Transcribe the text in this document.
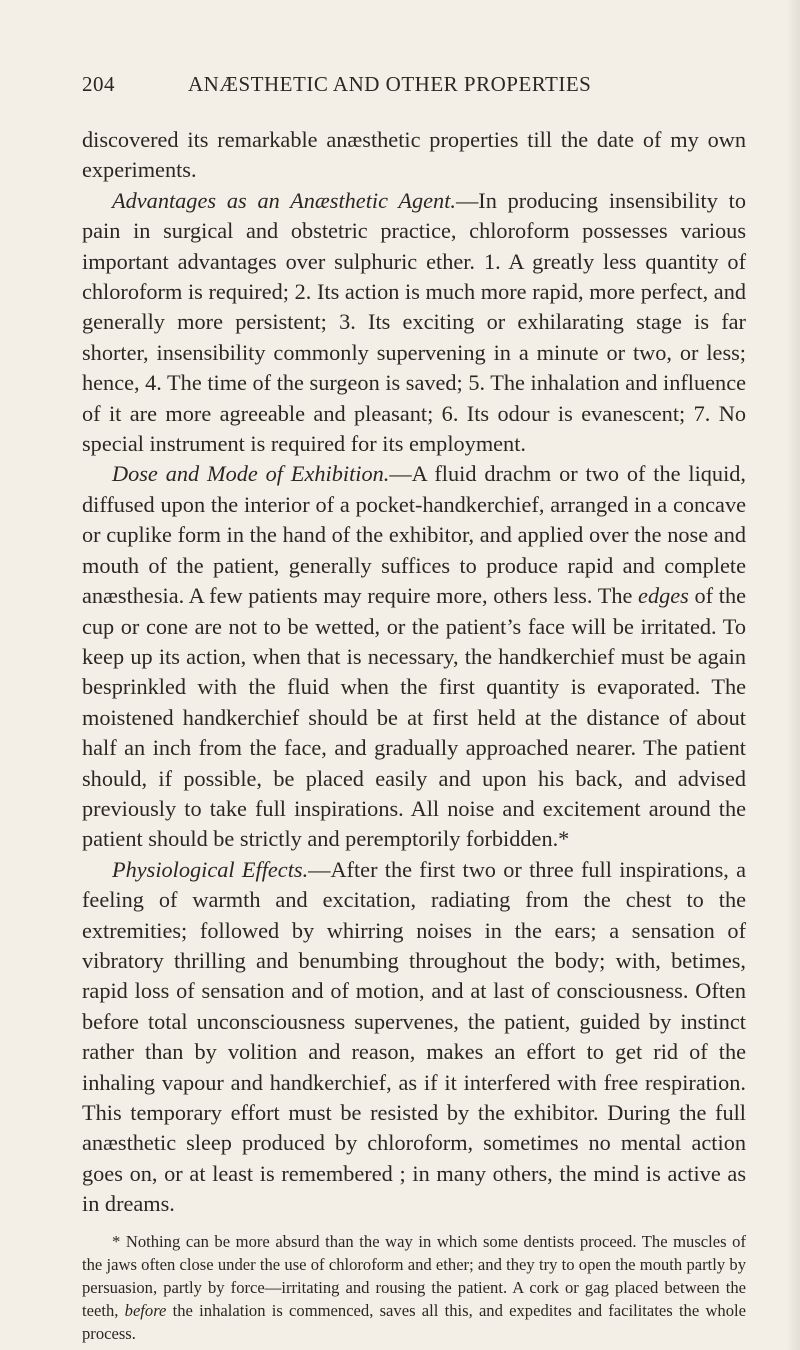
204	ANÆSTHETIC AND OTHER PROPERTIES

discovered its remarkable anæsthetic properties till the date of my own experiments.

Advantages as an Anæsthetic Agent.—In producing insensibility to pain in surgical and obstetric practice, chloroform possesses various important advantages over sulphuric ether. 1. A greatly less quantity of chloroform is required; 2. Its action is much more rapid, more perfect, and generally more persistent; 3. Its exciting or exhilarating stage is far shorter, insensibility commonly supervening in a minute or two, or less; hence, 4. The time of the surgeon is saved; 5. The inhalation and influence of it are more agreeable and pleasant; 6. Its odour is evanescent; 7. No special instrument is required for its employment.

Dose and Mode of Exhibition.—A fluid drachm or two of the liquid, diffused upon the interior of a pocket-handkerchief, arranged in a concave or cuplike form in the hand of the exhibitor, and applied over the nose and mouth of the patient, generally suffices to produce rapid and complete anæsthesia. A few patients may require more, others less. The edges of the cup or cone are not to be wetted, or the patient’s face will be irritated. To keep up its action, when that is necessary, the handkerchief must be again besprinkled with the fluid when the first quantity is evaporated. The moistened handkerchief should be at first held at the distance of about half an inch from the face, and gradually approached nearer. The patient should, if possible, be placed easily and upon his back, and advised previously to take full inspirations. All noise and excitement around the patient should be strictly and peremptorily forbidden.*

Physiological Effects.—After the first two or three full inspirations, a feeling of warmth and excitation, radiating from the chest to the extremities; followed by whirring noises in the ears; a sensation of vibratory thrilling and benumbing throughout the body; with, betimes, rapid loss of sensation and of motion, and at last of consciousness. Often before total unconsciousness supervenes, the patient, guided by instinct rather than by volition and reason, makes an effort to get rid of the inhaling vapour and handkerchief, as if it interfered with free respiration. This temporary effort must be resisted by the exhibitor. During the full anæsthetic sleep produced by chloroform, sometimes no mental action goes on, or at least is remembered ; in many others, the mind is active as in dreams.

* Nothing can be more absurd than the way in which some dentists proceed. The muscles of the jaws often close under the use of chloroform and ether; and they try to open the mouth partly by persuasion, partly by force—irritating and rousing the patient. A cork or gag placed between the teeth, before the inhalation is commenced, saves all this, and expedites and facilitates the whole process.
